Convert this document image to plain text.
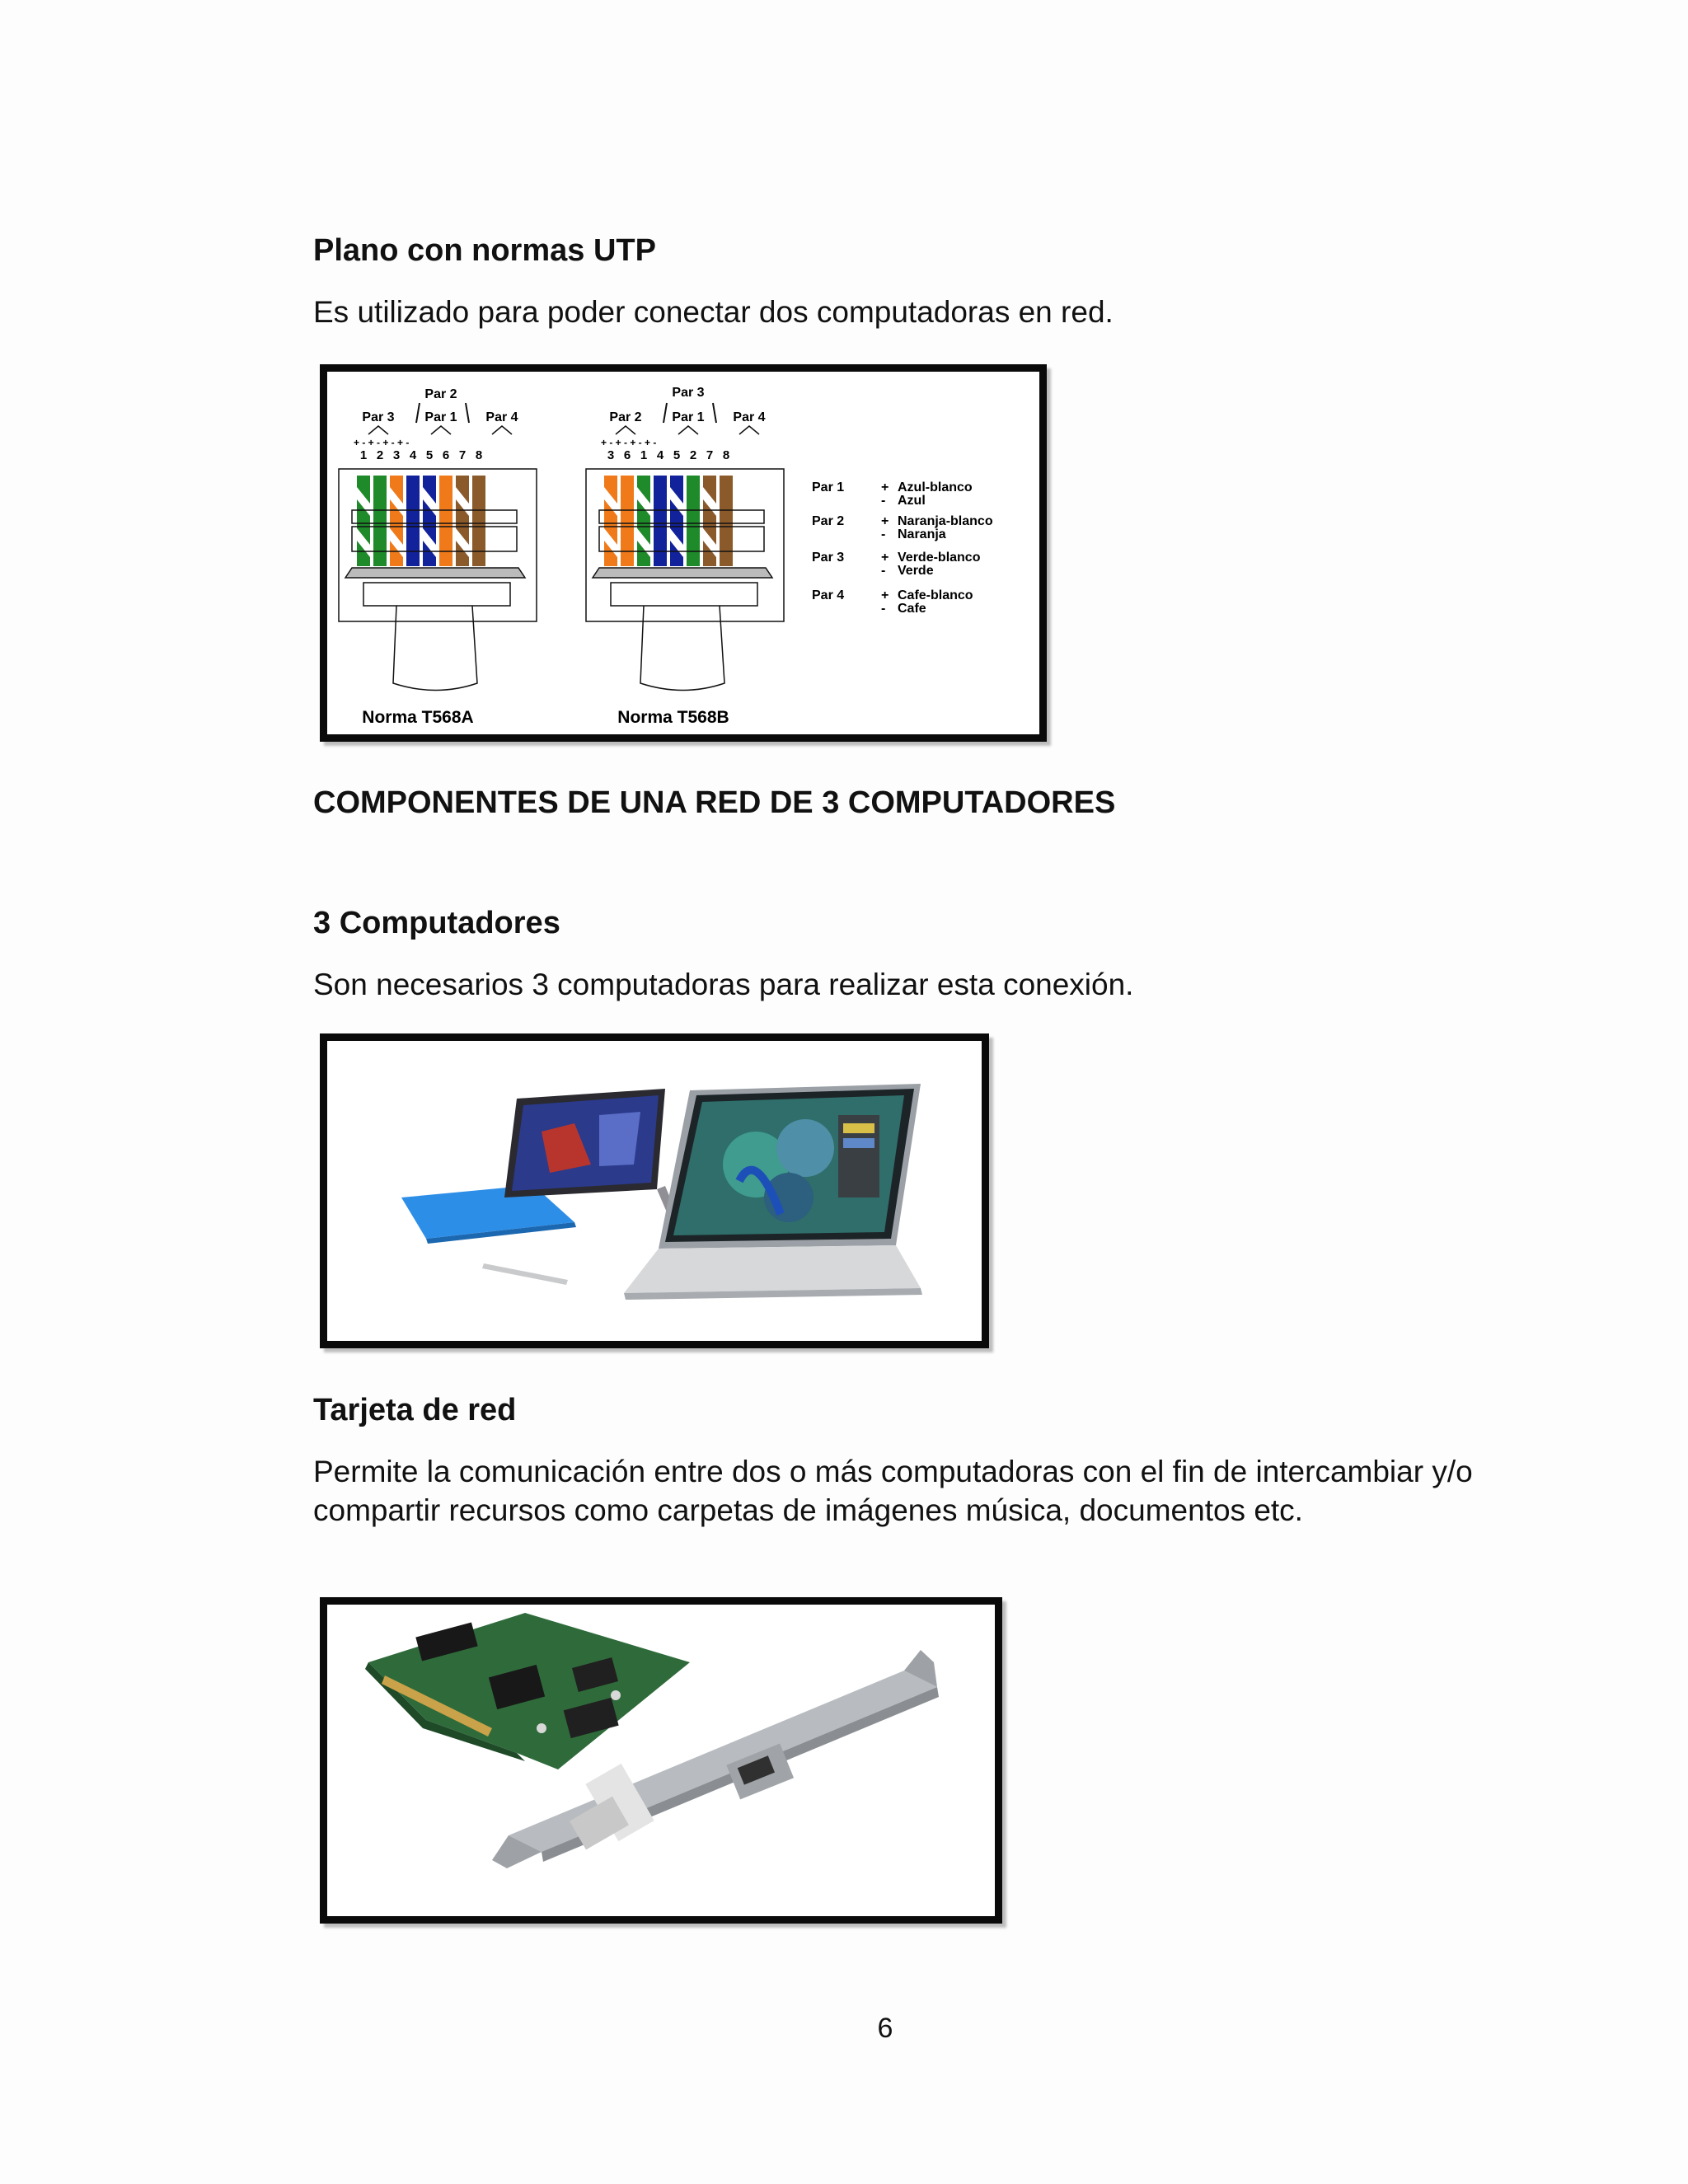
Plano con normas UTP

Es utilizado para poder conectar dos computadoras en red.

Par 2
Par 3 Par 1 Par 4
+ - + - + - + -
1 2 3 4 5 6 7 8
Norma T568A
Par 3
Par 2 Par 1 Par 4
+ - + - + - + -
3 6 1 4 5 2 7 8
Norma T568B
Par 1	+ Azul-blanco
- Azul
Par 2	+ Naranja-blanco
- Naranja
Par 3	+ Verde-blanco
- Verde
Par 4	+ Cafe-blanco
- Cafe
COMPONENTES DE UNA RED DE 3 COMPUTADORES
3 Computadores

Son necesarios 3 computadoras para realizar esta conexión.

Tarjeta de red

Permite la comunicación entre dos o más computadoras con el fin de intercambiar y/o compartir recursos como carpetas de imágenes música, documentos etc.

6
